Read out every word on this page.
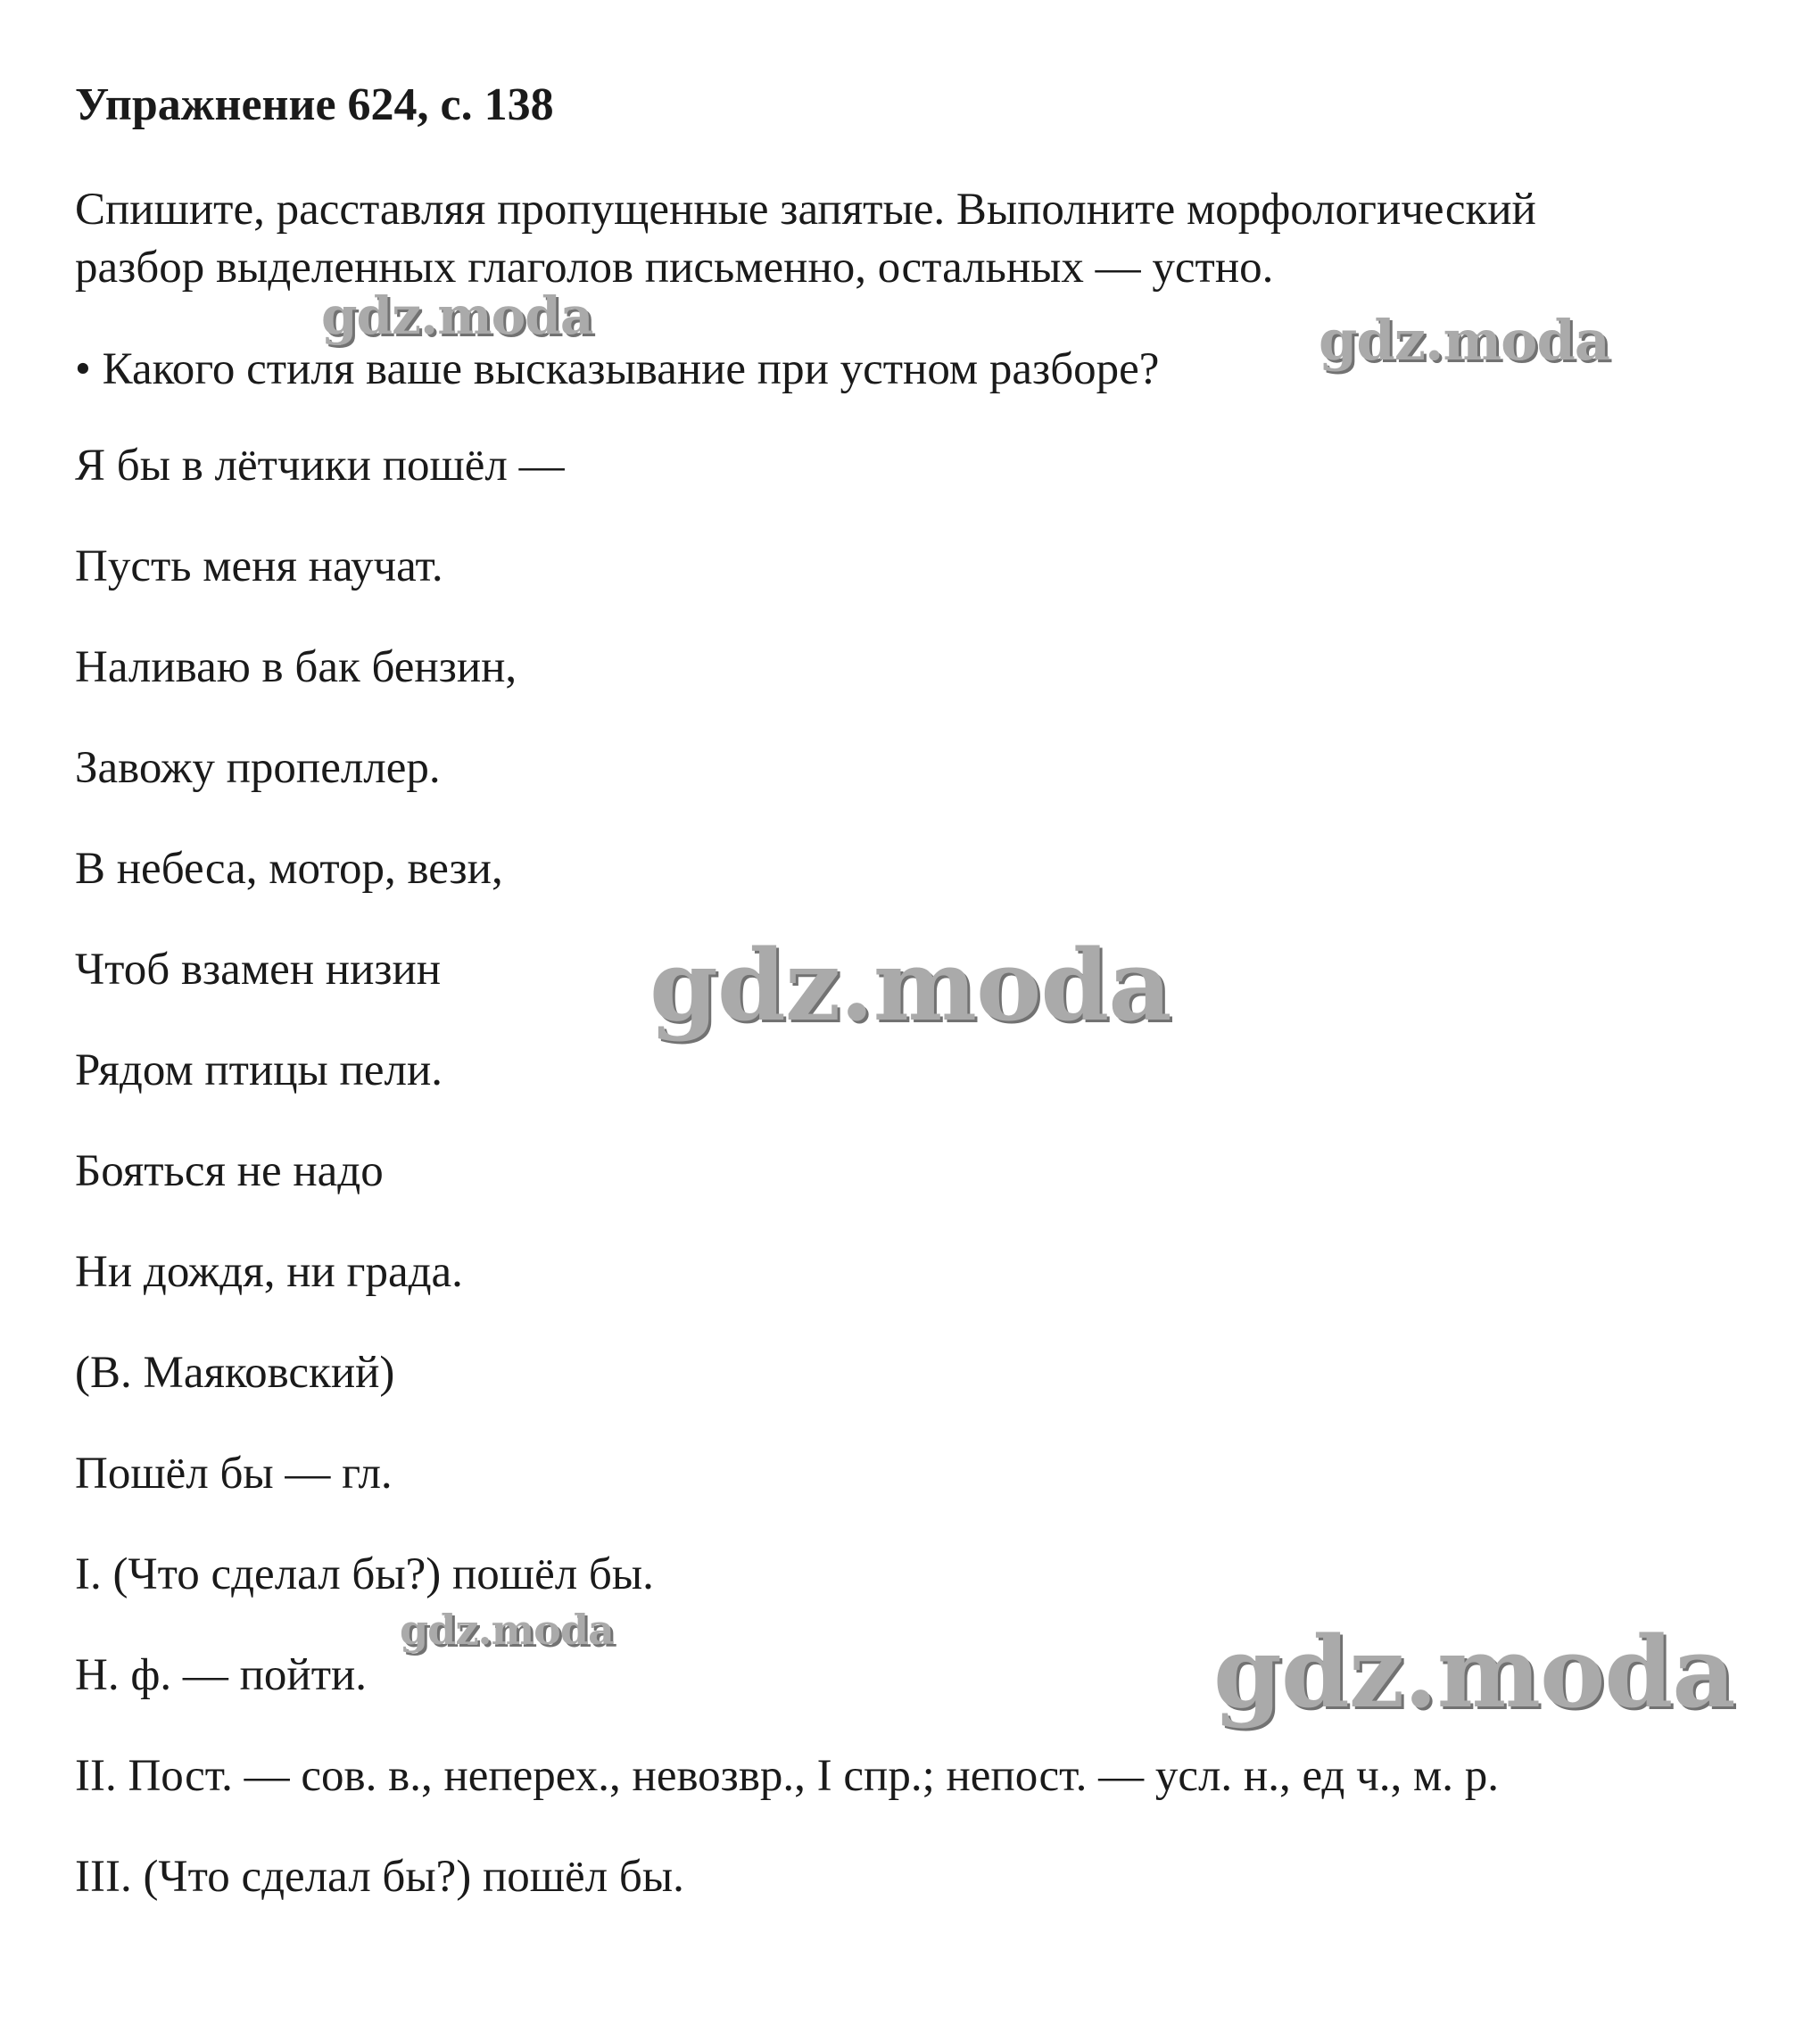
Упражнение 624, с. 138
Спишите, расставляя пропущенные запятые. Выполните морфологический
разбор выделенных глаголов письменно, остальных — устно.
• Какого стиля ваше высказывание при устном разборе?
Я бы в лётчики пошёл —
Пусть меня научат.
Наливаю в бак бензин,
Завожу пропеллер.
В небеса, мотор, вези,
Чтоб взамен низин
Рядом птицы пели.
Бояться не надо
Ни дождя, ни града.
(В. Маяковский)
Пошёл бы — гл.
I. (Что сделал бы?) пошёл бы.
Н. ф. — пойти.
II. Пост. — сов. в., неперех., невозвр., I спр.; непост. — усл. н., ед ч., м. р.
III. (Что сделал бы?) пошёл бы.
gdz.moda	gdz.moda
gdz.moda
gdz.moda	gdz.moda
